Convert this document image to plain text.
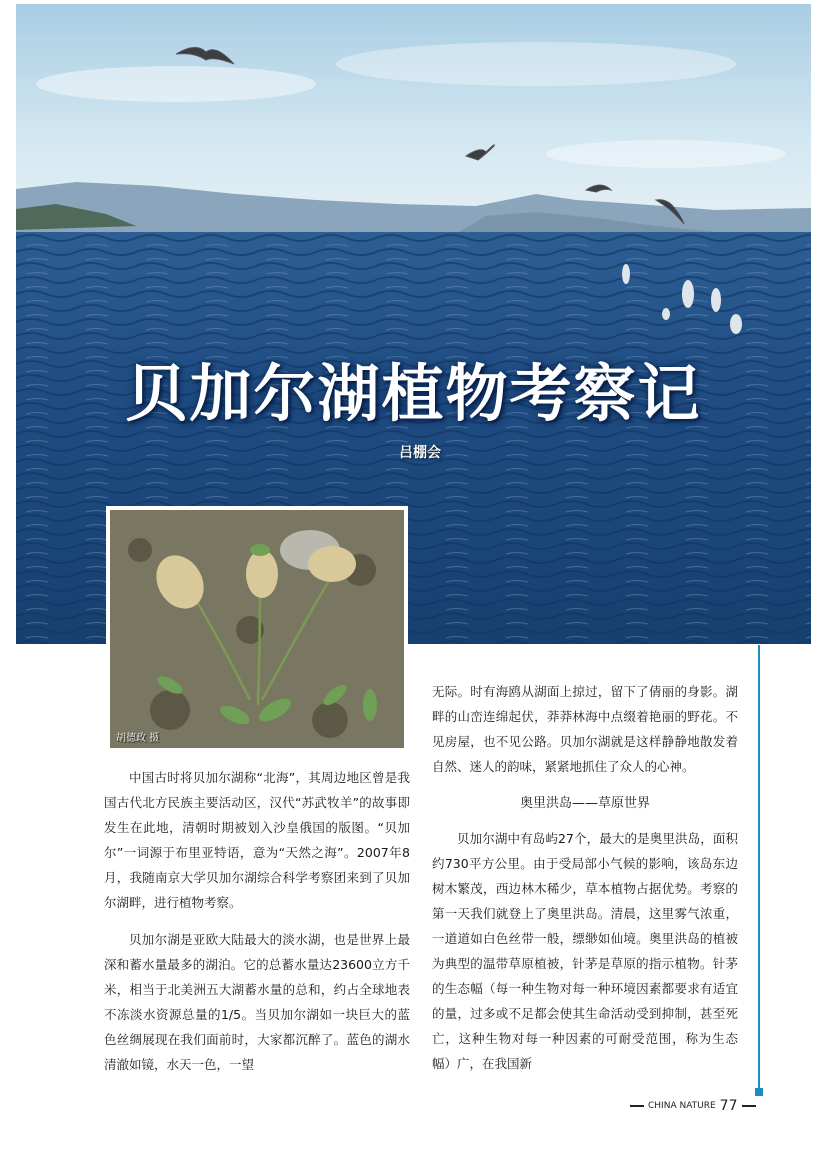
贝加尔湖植物考察记
吕棚会
胡德政 摄

中国古时将贝加尔湖称“北海”，其周边地区曾是我国古代北方民族主要活动区，汉代“苏武牧羊”的故事即发生在此地，清朝时期被划入沙皇俄国的版图。“贝加尔”一词源于布里亚特语，意为“天然之海”。2007年8月，我随南京大学贝加尔湖综合科学考察团来到了贝加尔湖畔，进行植物考察。

贝加尔湖是亚欧大陆最大的淡水湖，也是世界上最深和蓄水量最多的湖泊。它的总蓄水量达23600立方千米，相当于北美洲五大湖蓄水量的总和，约占全球地表不冻淡水资源总量的1/5。当贝加尔湖如一块巨大的蓝色丝绸展现在我们面前时，大家都沉醉了。蓝色的湖水清澈如镜，水天一色，一望

无际。时有海鸥从湖面上掠过，留下了倩丽的身影。湖畔的山峦连绵起伏，莽莽林海中点缀着艳丽的野花。不见房屋，也不见公路。贝加尔湖就是这样静静地散发着自然、迷人的韵味，紧紧地抓住了众人的心神。

奥里洪岛——草原世界

贝加尔湖中有岛屿27个，最大的是奥里洪岛，面积约730平方公里。由于受局部小气候的影响，该岛东边树木繁茂，西边林木稀少，草本植物占据优势。考察的第一天我们就登上了奥里洪岛。清晨，这里雾气浓重，一道道如白色丝带一般，缥缈如仙境。奥里洪岛的植被为典型的温带草原植被，针茅是草原的指示植物。针茅的生态幅（每一种生物对每一种环境因素都要求有适宜的量，过多或不足都会使其生命活动受到抑制，甚至死亡，这种生物对每一种因素的可耐受范围，称为生态幅）广，在我国新

CHINA NATURE 77
